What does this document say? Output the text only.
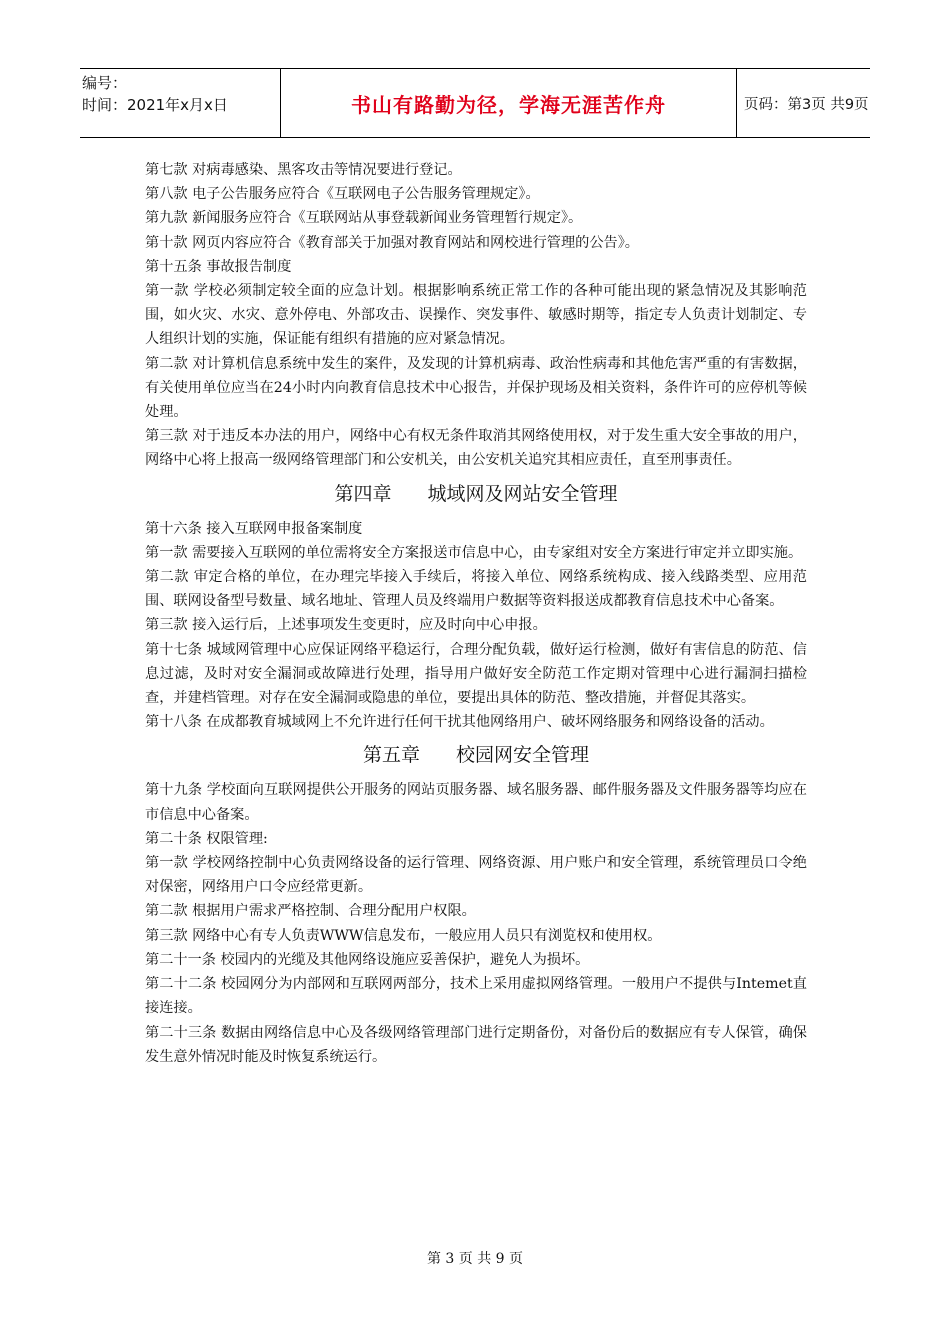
编号：
时间：2021年x月x日	书山有路勤为径，学海无涯苦作舟	页码：第3页 共9页

第七款 对病毒感染、黑客攻击等情况要进行登记。

第八款 电子公告服务应符合《互联网电子公告服务管理规定》。

第九款 新闻服务应符合《互联网站从事登载新闻业务管理暂行规定》。

第十款 网页内容应符合《教育部关于加强对教育网站和网校进行管理的公告》。

第十五条 事故报告制度

第一款 学校必须制定较全面的应急计划。根据影响系统正常工作的各种可能出现的紧急情况及其影响范围，如火灾、水灾、意外停电、外部攻击、误操作、突发事件、敏感时期等，指定专人负责计划制定、专人组织计划的实施，保证能有组织有措施的应对紧急情况。

第二款 对计算机信息系统中发生的案件，及发现的计算机病毒、政治性病毒和其他危害严重的有害数据，有关使用单位应当在24小时内向教育信息技术中心报告，并保护现场及相关资料，条件许可的应停机等候处理。

第三款 对于违反本办法的用户，网络中心有权无条件取消其网络使用权，对于发生重大安全事故的用户，网络中心将上报高一级网络管理部门和公安机关，由公安机关追究其相应责任，直至刑事责任。

第四章 城域网及网站安全管理

第十六条 接入互联网申报备案制度

第一款 需要接入互联网的单位需将安全方案报送市信息中心，由专家组对安全方案进行审定并立即实施。

第二款 审定合格的单位，在办理完毕接入手续后，将接入单位、网络系统构成、接入线路类型、应用范围、联网设备型号数量、域名地址、管理人员及终端用户数据等资料报送成都教育信息技术中心备案。

第三款 接入运行后，上述事项发生变更时，应及时向中心申报。

第十七条 城域网管理中心应保证网络平稳运行，合理分配负载，做好运行检测，做好有害信息的防范、信息过滤，及时对安全漏洞或故障进行处理，指导用户做好安全防范工作定期对管理中心进行漏洞扫描检查，并建档管理。对存在安全漏洞或隐患的单位，要提出具体的防范、整改措施，并督促其落实。

第十八条 在成都教育城域网上不允许进行任何干扰其他网络用户、破坏网络服务和网络设备的活动。

第五章 校园网安全管理

第十九条 学校面向互联网提供公开服务的网站页服务器、域名服务器、邮件服务器及文件服务器等均应在市信息中心备案。

第二十条 权限管理:

第一款 学校网络控制中心负责网络设备的运行管理、网络资源、用户账户和安全管理，系统管理员口令绝对保密，网络用户口令应经常更新。

第二款 根据用户需求严格控制、合理分配用户权限。

第三款 网络中心有专人负责WWW信息发布，一般应用人员只有浏览权和使用权。

第二十一条 校园内的光缆及其他网络设施应妥善保护，避免人为损坏。

第二十二条 校园网分为内部网和互联网两部分，技术上采用虚拟网络管理。一般用户不提供与Intemet直接连接。

第二十三条 数据由网络信息中心及各级网络管理部门进行定期备份，对备份后的数据应有专人保管，确保发生意外情况时能及时恢复系统运行。

第 3 页 共 9 页
